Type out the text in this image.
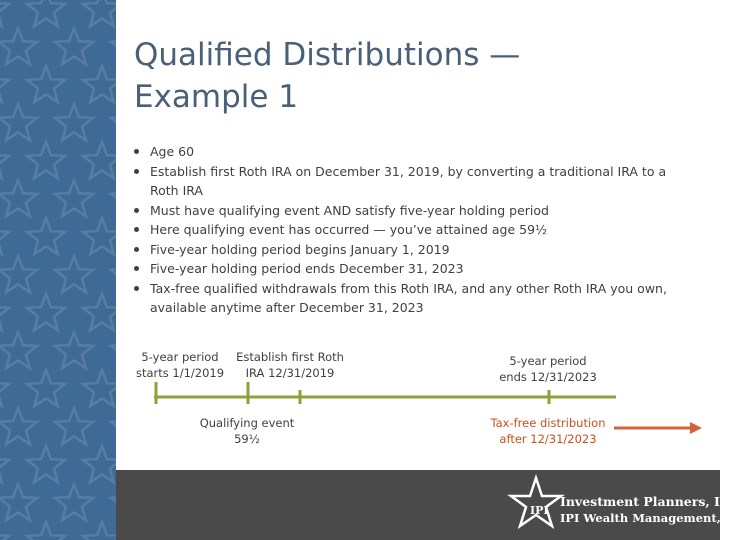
Qualified Distributions —
Example 1
Age 60
Establish first Roth IRA on December 31, 2019, by converting a traditional IRA to a Roth IRA
Must have qualifying event AND satisfy five-year holding period
Here qualifying event has occurred — you’ve attained age 59½
Five-year holding period begins January 1, 2019
Five-year holding period ends December 31, 2023
Tax-free qualified withdrawals from this Roth IRA, and any other Roth IRA you own, available anytime after December 31, 2023
5-year period
starts 1/1/2019
Establish first Roth
IRA 12/31/2019
5-year period
ends 12/31/2023
Qualifying event
59½
Tax-free distribution
after 12/31/2023
IPI
Investment Planners, Inc.
IPI Wealth Management, Inc.
